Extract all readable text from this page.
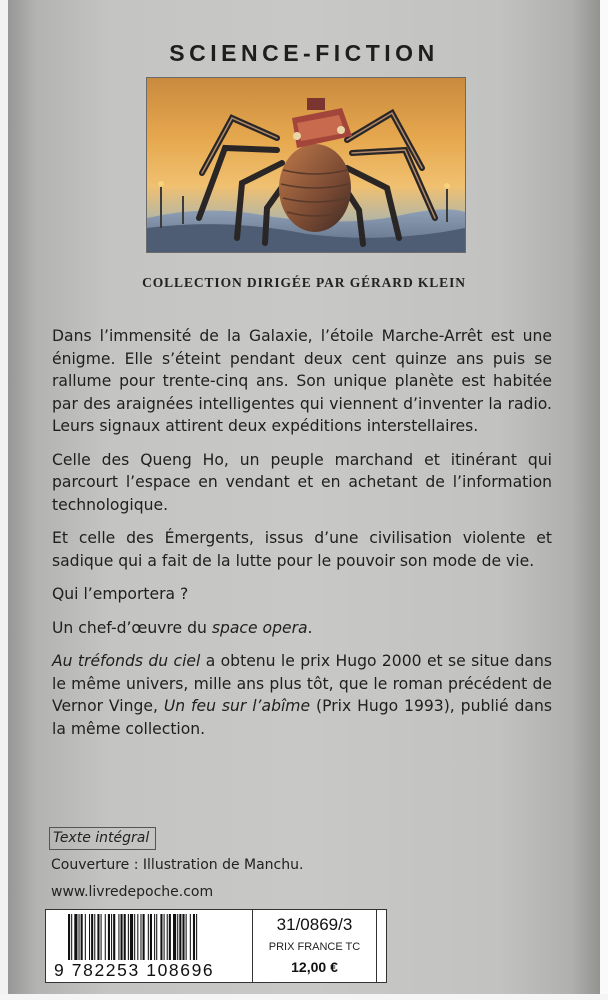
SCIENCE-FICTION
COLLECTION DIRIGÉE PAR GÉRARD KLEIN

Dans l’immensité de la Galaxie, l’étoile Marche-Arrêt est une énigme. Elle s’éteint pendant deux cent quinze ans puis se rallume pour trente-cinq ans. Son unique planète est habitée par des araignées intelligentes qui viennent d’inventer la radio. Leurs signaux attirent deux expéditions interstellaires.

Celle des Queng Ho, un peuple marchand et itinérant qui parcourt l’espace en vendant et en achetant de l’information technologique.

Et celle des Émergents, issus d’une civilisation violente et sadique qui a fait de la lutte pour le pouvoir son mode de vie.

Qui l’emportera ?

Un chef-d’œuvre du space opera.

Au tréfonds du ciel a obtenu le prix Hugo 2000 et se situe dans le même univers, mille ans plus tôt, que le roman précédent de Vernor Vinge, Un feu sur l’abîme (Prix Hugo 1993), publié dans la même collection.

Texte intégral
Couverture : Illustration de Manchu.
www.livredepoche.com
9 782253 108696
31/0869/3
PRIX FRANCE TC
12,00 €
